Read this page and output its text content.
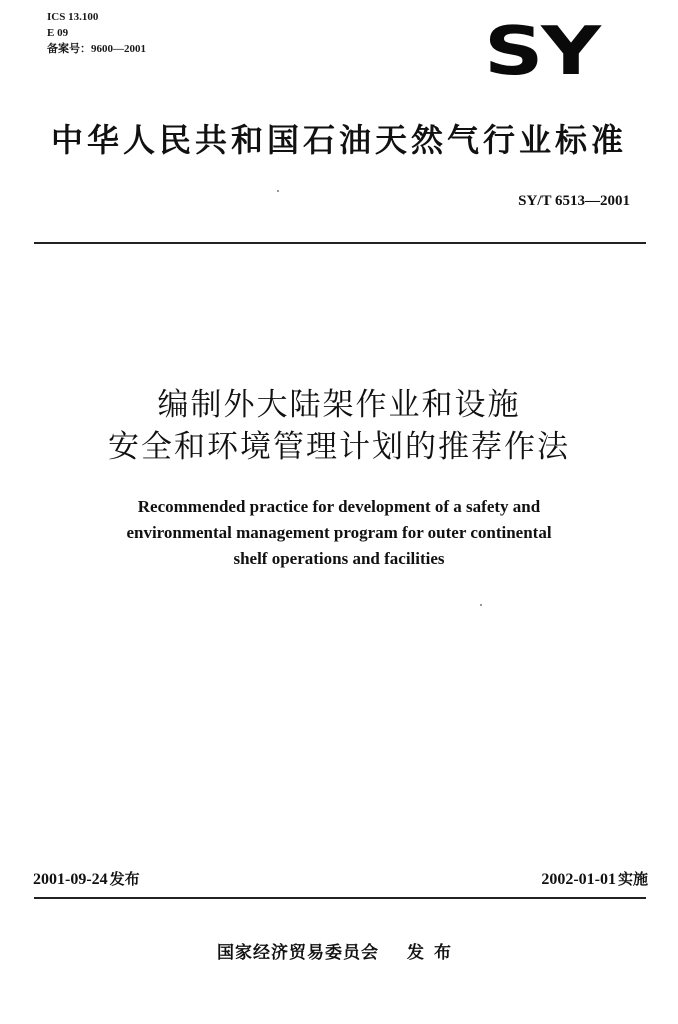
ICS 13.100
E 09
备案号：9600—2001	SY
中华人民共和国石油天然气行业标准
SY/T 6513—2001
编制外大陆架作业和设施
安全和环境管理计划的推荐作法
Recommended practice for development of a safety and
environmental management program for outer continental
shelf operations and facilities
2001-09-24 发布	2002-01-01 实施
国家经济贸易委员会 发布
